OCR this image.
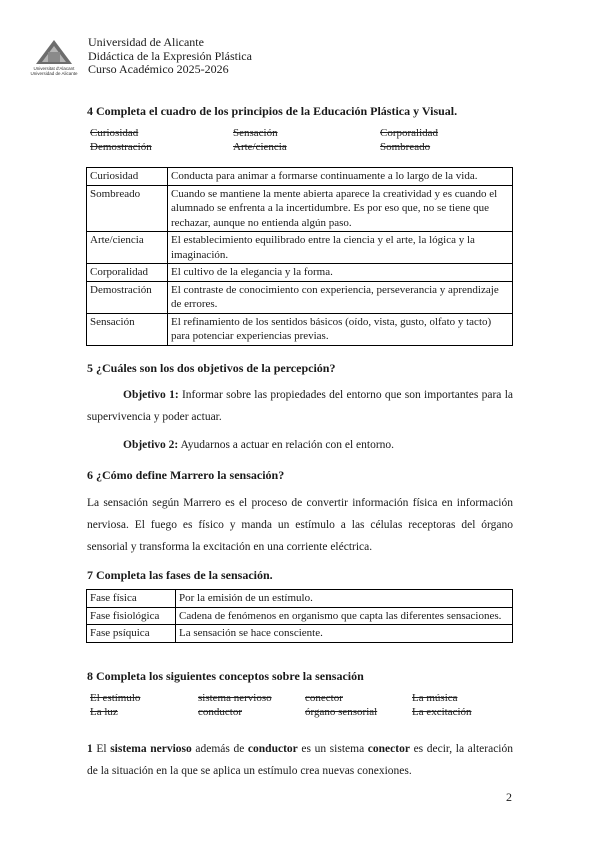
Universitat d'Alacant
Universidad de Alicante
Universidad de Alicante
Didáctica de la Expresión Plástica
Curso Académico 2025-2026
4 Completa el cuadro de los principios de la Educación Plástica y Visual.
Curiosidad	Sensación	Corporalidad
Demostración	Arte/ciencia	Sombreado
Curiosidad	Conducta para animar a formarse continuamente a lo largo de la vida.
Sombreado	Cuando se mantiene la mente abierta aparece la creatividad y es cuando el alumnado se enfrenta a la incertidumbre. Es por eso que, no se tiene que rechazar, aunque no entienda algún paso.
Arte/ciencia	El establecimiento equilibrado entre la ciencia y el arte, la lógica y la imaginación.
Corporalidad	El cultivo de la elegancia y la forma.
Demostración	El contraste de conocimiento con experiencia, perseverancia y aprendizaje de errores.
Sensación	El refinamiento de los sentidos básicos (oído, vista, gusto, olfato y tacto) para potenciar experiencias previas.
5 ¿Cuáles son los dos objetivos de la percepción?
Objetivo 1: Informar sobre las propiedades del entorno que son importantes para la supervivencia y poder actuar.
Objetivo 2: Ayudarnos a actuar en relación con el entorno.
6 ¿Cómo define Marrero la sensación?
La sensación según Marrero es el proceso de convertir información física en información nerviosa. El fuego es físico y manda un estímulo a las células receptoras del órgano sensorial y transforma la excitación en una corriente eléctrica.
7 Completa las fases de la sensación.
Fase física	Por la emisión de un estímulo.
Fase fisiológica	Cadena de fenómenos en organismo que capta las diferentes sensaciones.
Fase psíquica	La sensación se hace consciente.
8 Completa los siguientes conceptos sobre la sensación
El estímulo	sistema nervioso	conector	La música
La luz	conductor	órgano sensorial	La excitación
1 El sistema nervioso además de conductor es un sistema conector es decir, la alteración de la situación en la que se aplica un estímulo crea nuevas conexiones.
2
